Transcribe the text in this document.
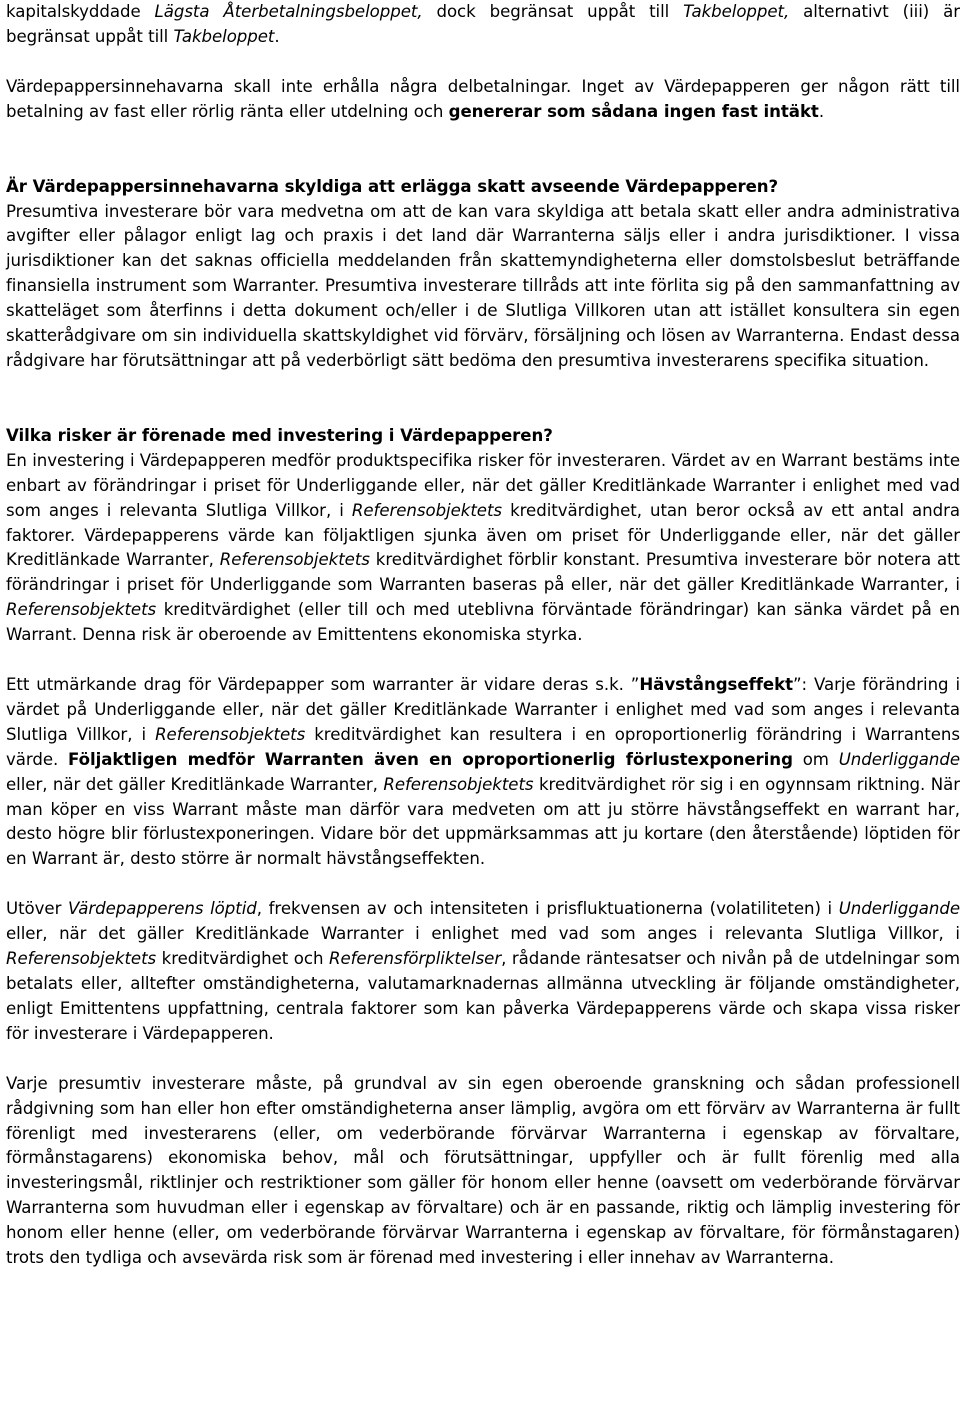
kapitalskyddade Lägsta Återbetalningsbeloppet, dock begränsat uppåt till Takbeloppet, alternativt (iii) är begränsat uppåt till Takbeloppet.

Värdepappersinnehavarna skall inte erhålla några delbetalningar. Inget av Värdepapperen ger någon rätt till betalning av fast eller rörlig ränta eller utdelning och genererar som sådana ingen fast intäkt.

Är Värdepappersinnehavarna skyldiga att erlägga skatt avseende Värdepapperen?

Presumtiva investerare bör vara medvetna om att de kan vara skyldiga att betala skatt eller andra administrativa avgifter eller pålagor enligt lag och praxis i det land där Warranterna säljs eller i andra jurisdiktioner. I vissa jurisdiktioner kan det saknas officiella meddelanden från skattemyndigheterna eller domstolsbeslut beträffande finansiella instrument som Warranter. Presumtiva investerare tillråds att inte förlita sig på den sammanfattning av skatteläget som återfinns i detta dokument och/eller i de Slutliga Villkoren utan att istället konsultera sin egen skatterådgivare om sin individuella skattskyldighet vid förvärv, försäljning och lösen av Warranterna. Endast dessa rådgivare har förutsättningar att på vederbörligt sätt bedöma den presumtiva investerarens specifika situation.

Vilka risker är förenade med investering i Värdepapperen?

En investering i Värdepapperen medför produktspecifika risker för investeraren. Värdet av en Warrant bestäms inte enbart av förändringar i priset för Underliggande eller, när det gäller Kreditlänkade Warranter i enlighet med vad som anges i relevanta Slutliga Villkor, i Referensobjektets kreditvärdighet, utan beror också av ett antal andra faktorer. Värdepapperens värde kan följaktligen sjunka även om priset för Underliggande eller, när det gäller Kreditlänkade Warranter, Referensobjektets kreditvärdighet förblir konstant. Presumtiva investerare bör notera att förändringar i priset för Underliggande som Warranten baseras på eller, när det gäller Kreditlänkade Warranter, i Referensobjektets kreditvärdighet (eller till och med uteblivna förväntade förändringar) kan sänka värdet på en Warrant. Denna risk är oberoende av Emittentens ekonomiska styrka.

Ett utmärkande drag för Värdepapper som warranter är vidare deras s.k. ”Hävstångseffekt”: Varje förändring i värdet på Underliggande eller, när det gäller Kreditlänkade Warranter i enlighet med vad som anges i relevanta Slutliga Villkor, i Referensobjektets kreditvärdighet kan resultera i en oproportionerlig förändring i Warrantens värde. Följaktligen medför Warranten även en oproportionerlig förlustexponering om Underliggande eller, när det gäller Kreditlänkade Warranter, Referensobjektets kreditvärdighet rör sig i en ogynnsam riktning. När man köper en viss Warrant måste man därför vara medveten om att ju större hävstångseffekt en warrant har, desto högre blir förlustexponeringen. Vidare bör det uppmärksammas att ju kortare (den återstående) löptiden för en Warrant är, desto större är normalt hävstångseffekten.

Utöver Värdepapperens löptid, frekvensen av och intensiteten i prisfluktuationerna (volatiliteten) i Underliggande eller, när det gäller Kreditlänkade Warranter i enlighet med vad som anges i relevanta Slutliga Villkor, i Referensobjektets kreditvärdighet och Referensförpliktelser, rådande räntesatser och nivån på de utdelningar som betalats eller, alltefter omständigheterna, valutamarknadernas allmänna utveckling är följande omständigheter, enligt Emittentens uppfattning, centrala faktorer som kan påverka Värdepapperens värde och skapa vissa risker för investerare i Värdepapperen.

Varje presumtiv investerare måste, på grundval av sin egen oberoende granskning och sådan professionell rådgivning som han eller hon efter omständigheterna anser lämplig, avgöra om ett förvärv av Warranterna är fullt förenligt med investerarens (eller, om vederbörande förvärvar Warranterna i egenskap av förvaltare, förmånstagarens) ekonomiska behov, mål och förutsättningar, uppfyller och är fullt förenlig med alla investeringsmål, riktlinjer och restriktioner som gäller för honom eller henne (oavsett om vederbörande förvärvar Warranterna som huvudman eller i egenskap av förvaltare) och är en passande, riktig och lämplig investering för honom eller henne (eller, om vederbörande förvärvar Warranterna i egenskap av förvaltare, för förmånstagaren) trots den tydliga och avsevärda risk som är förenad med investering i eller innehav av Warranterna.
